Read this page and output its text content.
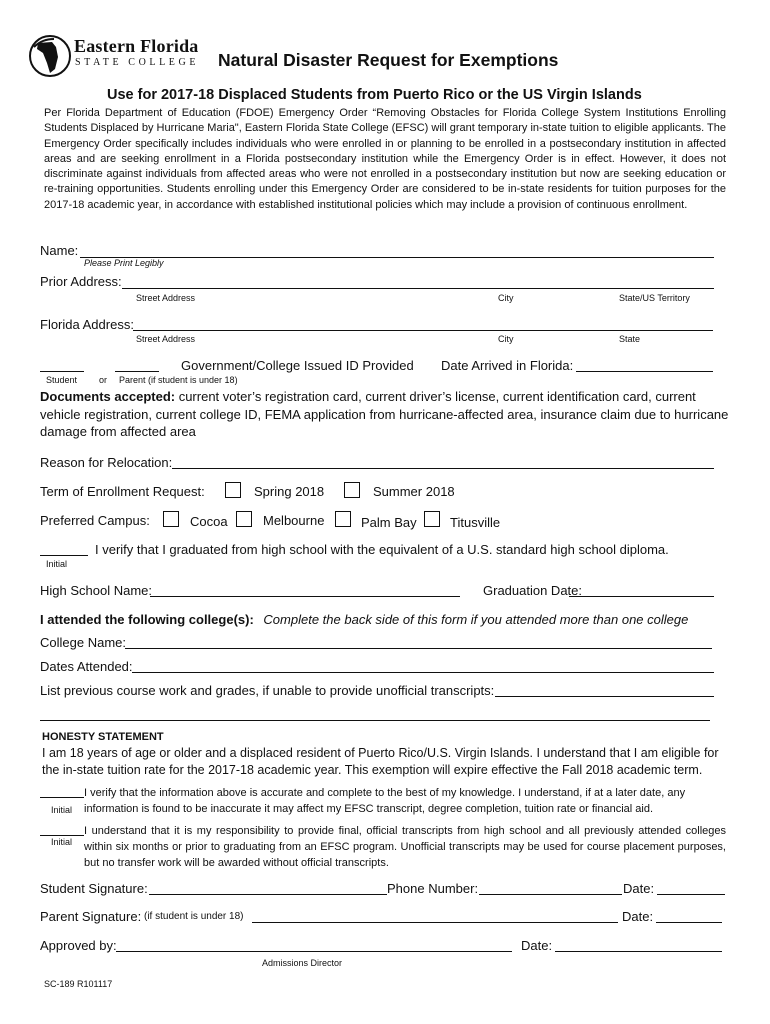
Eastern Florida
STATE COLLEGE Natural Disaster Request for Exemptions
Use for 2017-18 Displaced Students from Puerto Rico or the US Virgin Islands
Per Florida Department of Education (FDOE) Emergency Order “Removing Obstacles for Florida College System Institutions Enrolling Students Displaced by Hurricane Maria", Eastern Florida State College (EFSC) will grant temporary in-state tuition to eligible applicants. The Emergency Order specifically includes individuals who were enrolled in or planning to be enrolled in a postsecondary institution in affected areas and are seeking enrollment in a Florida postsecondary institution while the Emergency Order is in effect. However, it does not discriminate against individuals from affected areas who were not enrolled in a postsecondary institution but now are seeking education or re-training opportunities. Students enrolling under this Emergency Order are considered to be in-state residents for tuition purposes for the 2017-18 academic year, in accordance with established institutional policies which may include a provision of continuous enrollment.
Name:
Please Print Legibly
Prior Address:
Street Address	City	State/US Territory
Florida Address:
Street Address	City	State
Government/College Issued ID Provided Date Arrived in Florida:
Student or Parent (if student is under 18)
Documents accepted: current voter’s registration card, current driver’s license, current identification card, current vehicle registration, current college ID, FEMA application from hurricane-affected area, insurance claim due to hurricane damage from affected area
Reason for Relocation:
Term of Enrollment Request:	Spring 2018	Summer 2018
Preferred Campus:	Cocoa	Melbourne	Palm Bay	Titusville
I verify that I graduated from high school with the equivalent of a U.S. standard high school diploma.
Initial
High School Name:	Graduation Date:
I attended the following college(s): Complete the back side of this form if you attended more than one college
College Name:
Dates Attended:
List previous course work and grades, if unable to provide unofficial transcripts:
HONESTY STATEMENT
I am 18 years of age or older and a displaced resident of Puerto Rico/U.S. Virgin Islands. I understand that I am eligible for the in-state tuition rate for the 2017-18 academic year. This exemption will expire effective the Fall 2018 academic term.
Initial
I verify that the information above is accurate and complete to the best of my knowledge. I understand, if at a later date, any information is found to be inaccurate it may affect my EFSC transcript, degree completion, tuition rate or financial aid.
Initial
I understand that it is my responsibility to provide final, official transcripts from high school and all previously attended colleges within six months or prior to graduating from an EFSC program. Unofficial transcripts may be used for course placement purposes, but no transfer work will be awarded without official transcripts.
Student Signature:	Phone Number:	Date:
Parent Signature: (if student is under 18)	Date:
Approved by:	Date:
Admissions Director
SC-189 R101117
